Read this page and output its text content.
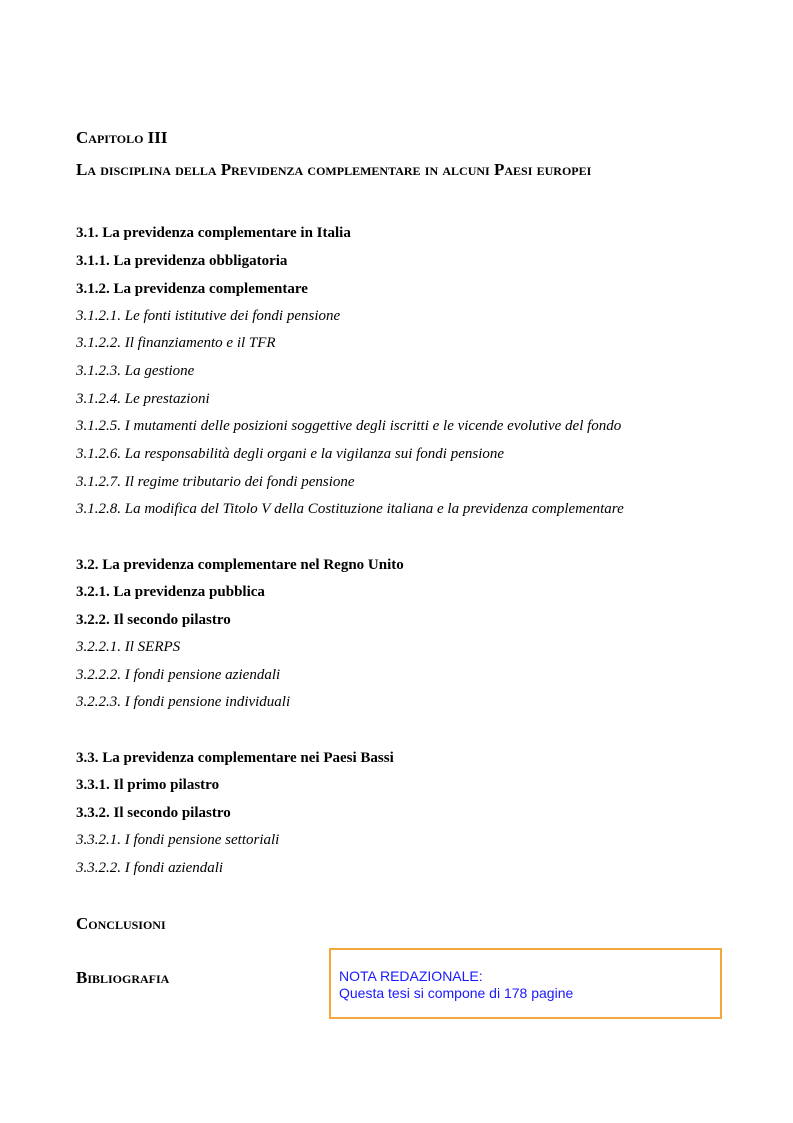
Capitolo III
La disciplina della Previdenza complementare in alcuni Paesi europei
3.1. La previdenza complementare in Italia
3.1.1. La previdenza obbligatoria
3.1.2. La previdenza complementare
3.1.2.1. Le fonti istitutive dei fondi pensione
3.1.2.2. Il finanziamento e il TFR
3.1.2.3. La gestione
3.1.2.4. Le prestazioni
3.1.2.5. I mutamenti delle posizioni soggettive degli iscritti e le vicende evolutive del fondo
3.1.2.6. La responsabilità degli organi e la vigilanza sui fondi pensione
3.1.2.7. Il regime tributario dei fondi pensione
3.1.2.8. La modifica del Titolo V della Costituzione italiana e la previdenza complementare
3.2. La previdenza complementare nel Regno Unito
3.2.1. La previdenza pubblica
3.2.2. Il secondo pilastro
3.2.2.1. Il SERPS
3.2.2.2. I fondi pensione aziendali
3.2.2.3. I fondi pensione individuali
3.3. La previdenza complementare nei Paesi Bassi
3.3.1. Il primo pilastro
3.3.2. Il secondo pilastro
3.3.2.1. I fondi pensione settoriali
3.3.2.2. I fondi aziendali
Conclusioni
Bibliografia	NOTA REDAZIONALE:
Questa tesi si compone di 178 pagine
